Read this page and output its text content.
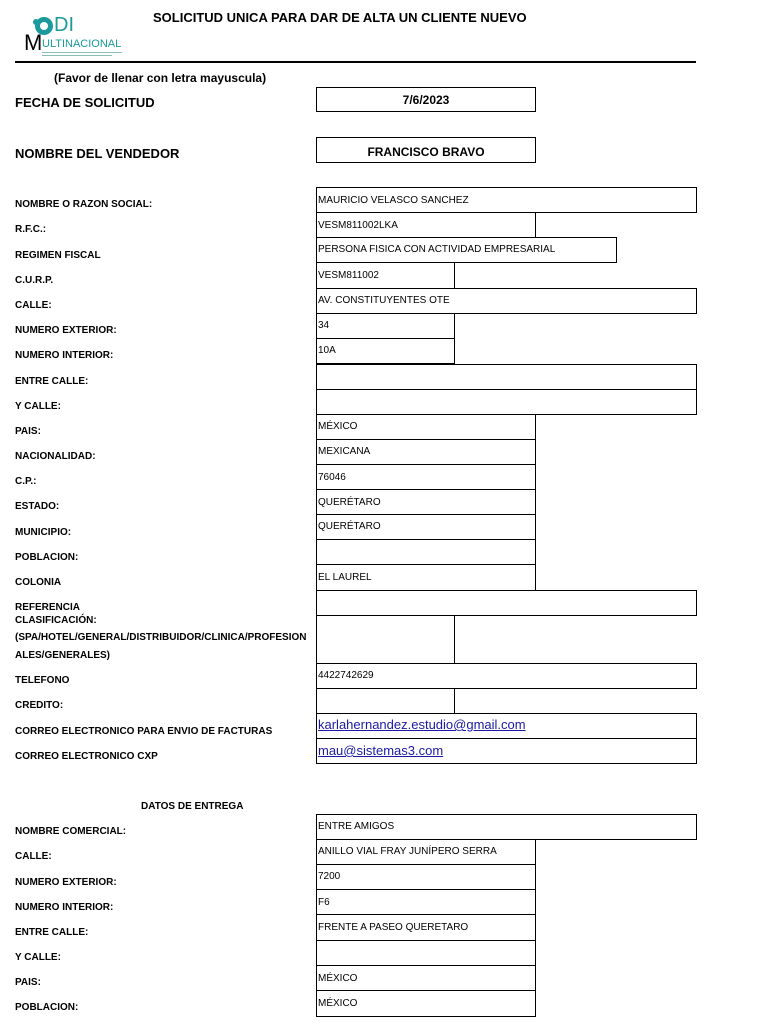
DI
M ULTINACIONAL
SOLICITUD UNICA PARA DAR DE ALTA UN CLIENTE NUEVO
(Favor de llenar con letra mayuscula)
FECHA DE SOLICITUD	7/6/2023
NOMBRE DEL VENDEDOR	FRANCISCO BRAVO
NOMBRE O RAZON SOCIAL:
R.F.C.:
REGIMEN FISCAL
C.U.R.P.
CALLE:
NUMERO EXTERIOR:
NUMERO INTERIOR:
ENTRE CALLE:
Y CALLE:
PAIS:
NACIONALIDAD:
C.P.:
ESTADO:
MUNICIPIO:
POBLACION:
COLONIA
REFERENCIA
CLASIFICACIÓN:
(SPA/HOTEL/GENERAL/DISTRIBUIDOR/CLINICA/PROFESION
ALES/GENERALES)
TELEFONO
CREDITO:
CORREO ELECTRONICO PARA ENVIO DE FACTURAS
CORREO ELECTRONICO CXP
MAURICIO VELASCO SANCHEZ
VESM811002LKA
PERSONA FISICA CON ACTIVIDAD EMPRESARIAL
VESM811002
AV. CONSTITUYENTES OTE
34
10A
MÉXICO
MEXICANA
76046
QUERÉTARO
QUERÉTARO
EL LAUREL
4422742629
karlahernandez.estudio@gmail.com
mau@sistemas3.com
DATOS DE ENTREGA
NOMBRE COMERCIAL:
CALLE:
NUMERO EXTERIOR:
NUMERO INTERIOR:
ENTRE CALLE:
Y CALLE:
PAIS:
POBLACION:
ENTRE AMIGOS
ANILLO VIAL FRAY JUNÍPERO SERRA
7200
F6
FRENTE A PASEO QUERETARO
MÉXICO
MÉXICO
